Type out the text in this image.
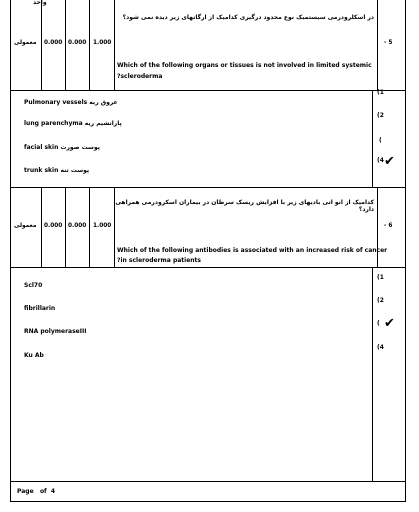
واحد
معمولی 0.000 0.000 1.000
در اسکلرودرمی سیستمیک نوع محدود درگیری کدامیک از ارگانهای زیر دیده نمی شود؟
Which of the following organs or tissues is not involved in limited systemic
?scleroderma
- 5
Pulmonary vessels عروق ریه
lung parenchyma پارانشیم ریه
facial skin پوست صورت
trunk skin پوست تنه
(1
(2
(
(4 ✔
معمولی 0.000 0.000 1.000
کدامیک از انو اتی بادیهای زیر با افزایش ریسک سرطان در بیماران اسکرودرمی همراهی دارد؟
Which of the following antibodies is associated with an increased risk of cancer
?in scleroderma patients
- 6
Scl70
fibrillarin
RNA polymeraseIII
Ku Ab
(1
(2
(
(4
✔
Page of 4
